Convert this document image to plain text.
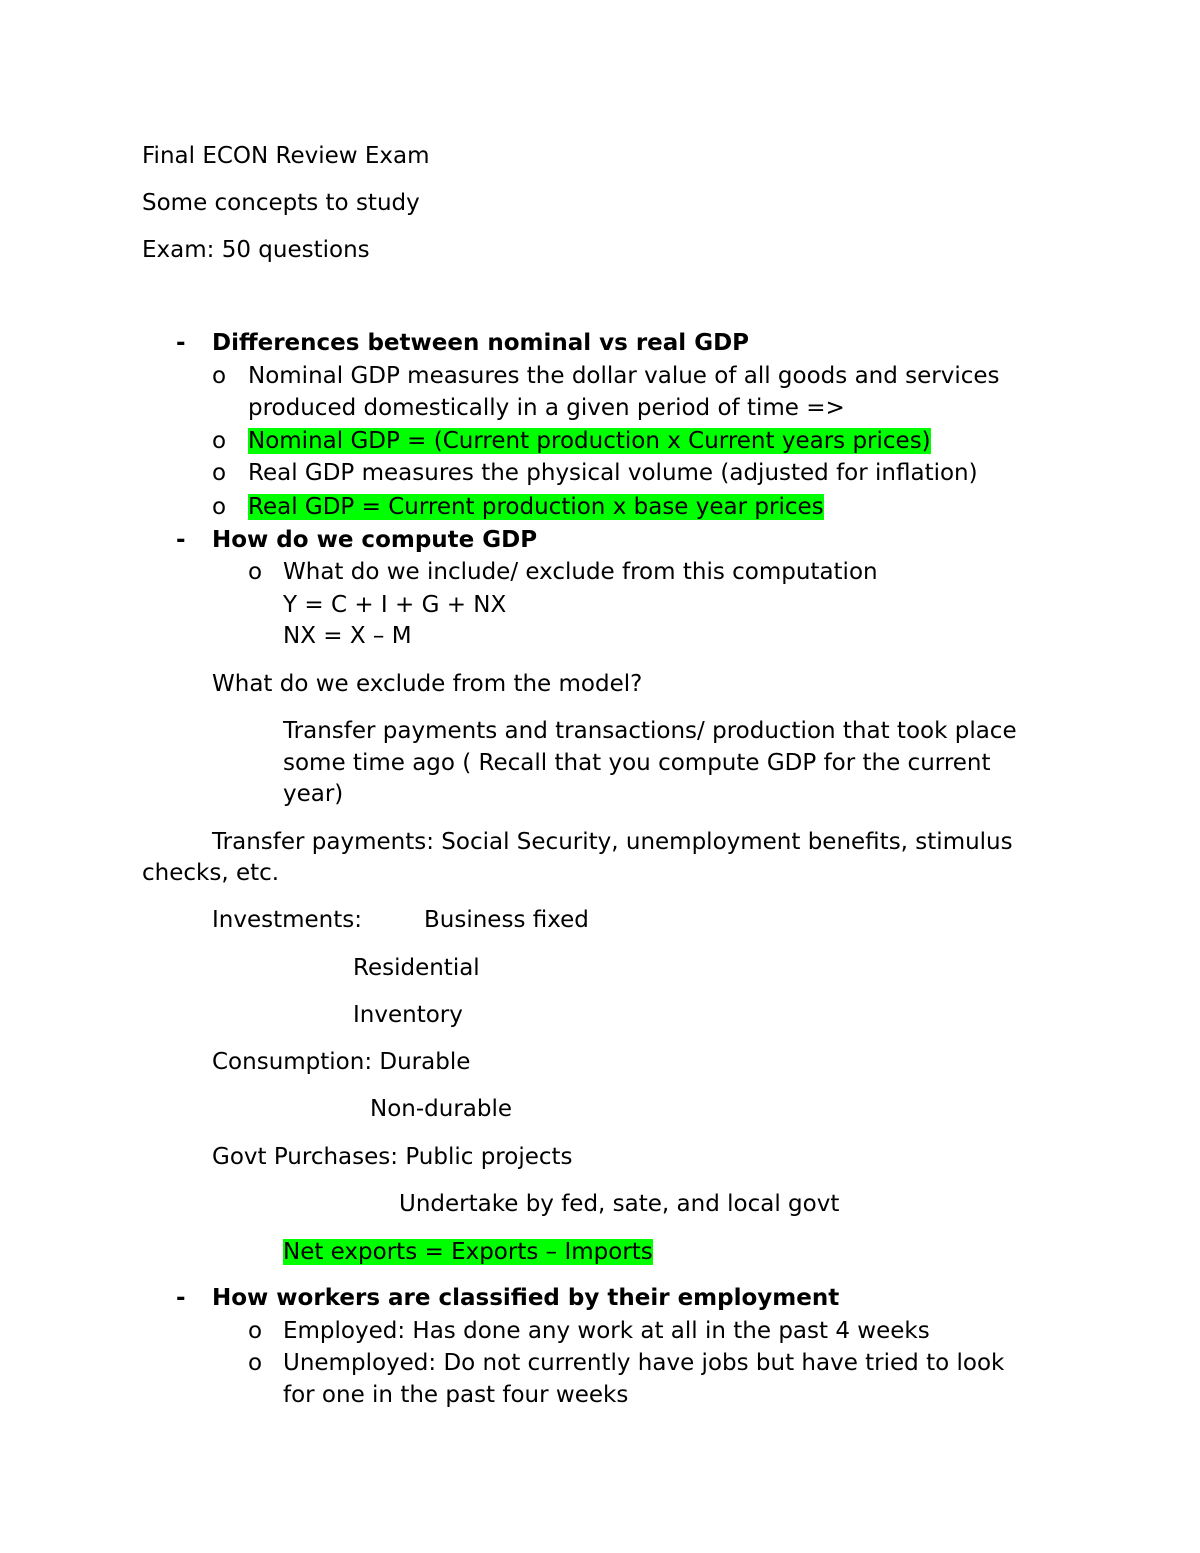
Final ECON Review Exam
Some concepts to study
Exam: 50 questions
- Differences between nominal vs real GDP
o Nominal GDP measures the dollar value of all goods and services
produced domestically in a given period of time =>
o Nominal GDP = (Current production x Current years prices)
o Real GDP measures the physical volume (adjusted for inflation)
o Real GDP = Current production x base year prices
- How do we compute GDP
o What do we include/ exclude from this computation
Y = C + I + G + NX
NX = X – M
What do we exclude from the model?
Transfer payments and transactions/ production that took place
some time ago ( Recall that you compute GDP for the current
year)
Transfer payments: Social Security, unemployment benefits, stimulus
checks, etc.
Investments:	Business fixed
Residential
Inventory
Consumption: Durable
Non-durable
Govt Purchases: Public projects
Undertake by fed, sate, and local govt
Net exports = Exports – Imports
- How workers are classified by their employment
o Employed: Has done any work at all in the past 4 weeks
o Unemployed: Do not currently have jobs but have tried to look
for one in the past four weeks
